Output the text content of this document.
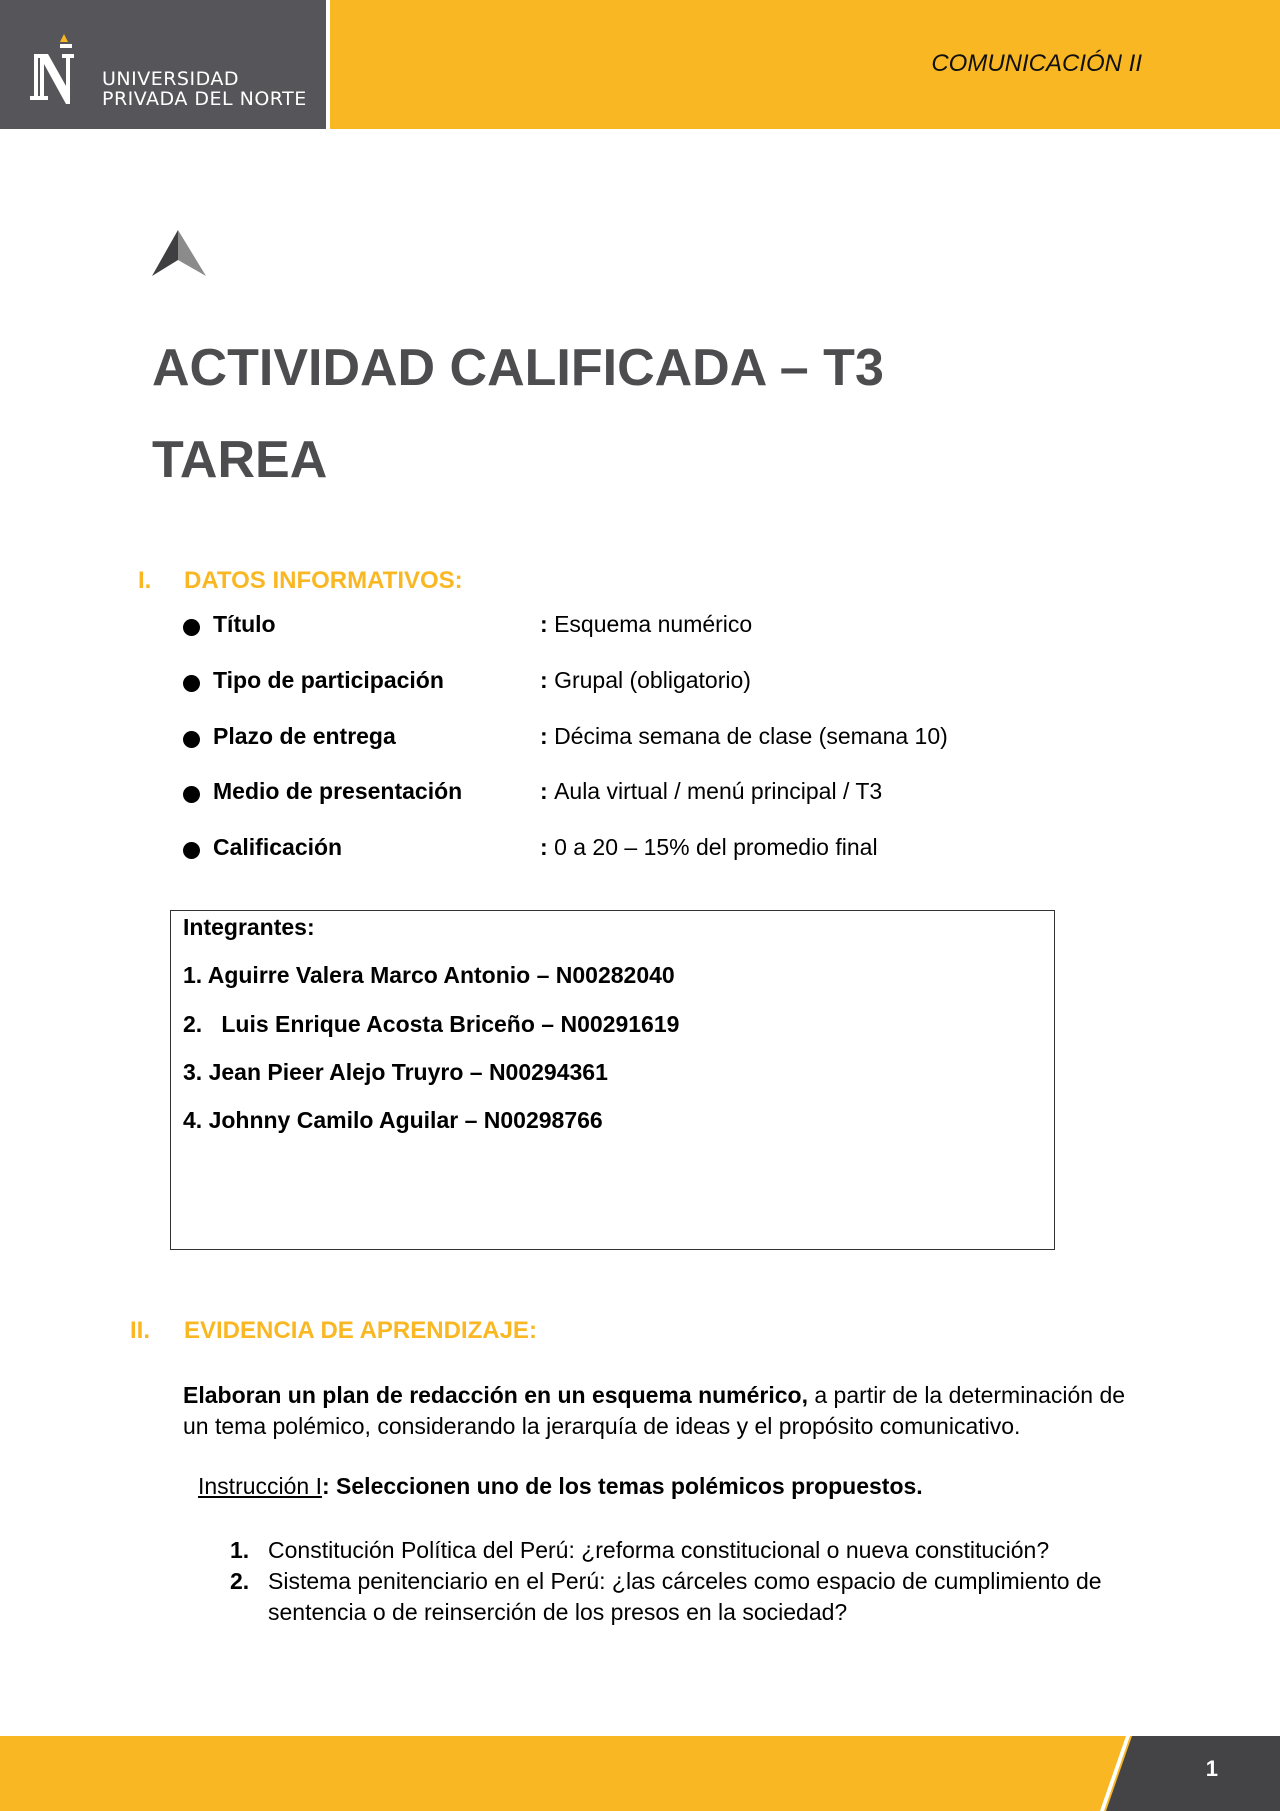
UNIVERSIDAD
PRIVADA DEL NORTE
COMUNICACIÓN II
ACTIVIDAD CALIFICADA – T3
TAREA
I. DATOS INFORMATIVOS:
Título	: Esquema numérico
Tipo de participación	: Grupal (obligatorio)
Plazo de entrega	: Décima semana de clase (semana 10)
Medio de presentación	: Aula virtual / menú principal / T3
Calificación	: 0 a 20 – 15% del promedio final
Integrantes:
1. Aguirre Valera Marco Antonio – N00282040
2.   Luis Enrique Acosta Briceño – N00291619
3. Jean Pieer Alejo Truyro – N00294361
4. Johnny Camilo Aguilar – N00298766
II. EVIDENCIA DE APRENDIZAJE:

Elaboran un plan de redacción en un esquema numérico, a partir de la determinación de un tema polémico, considerando la jerarquía de ideas y el propósito comunicativo.

Instrucción I: Seleccionen uno de los temas polémicos propuestos.
1. Constitución Política del Perú: ¿reforma constitucional o nueva constitución?
2. Sistema penitenciario en el Perú: ¿las cárceles como espacio de cumplimiento de sentencia o de reinserción de los presos en la sociedad?
1
